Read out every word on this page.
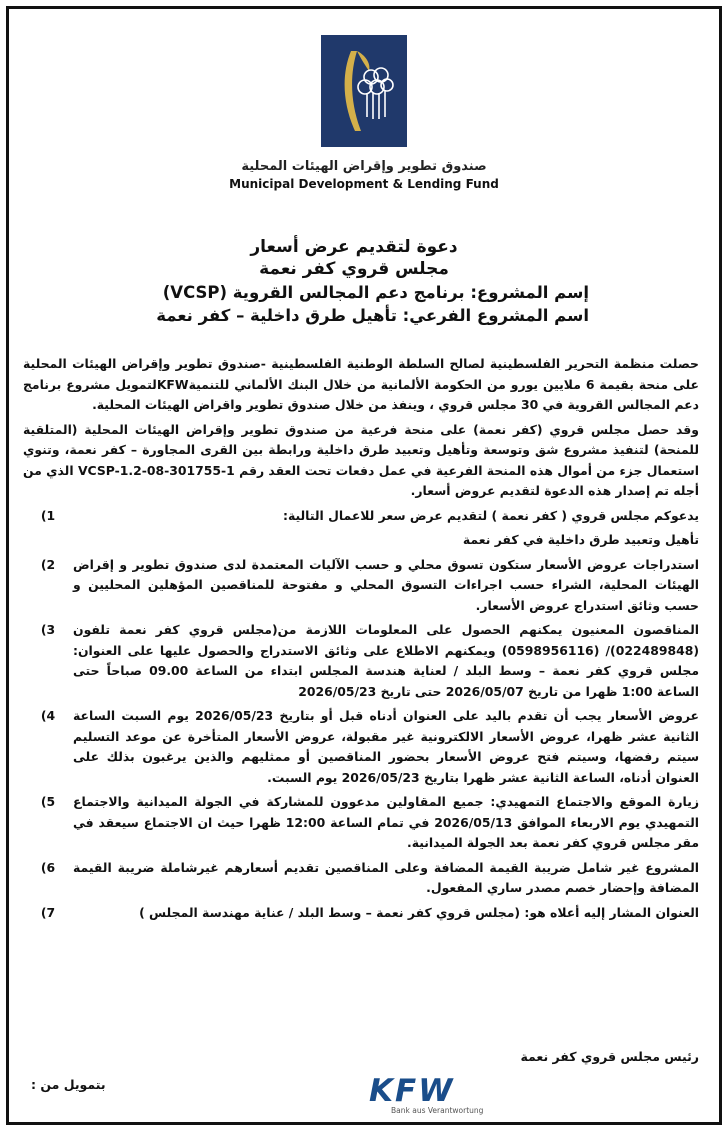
صندوق تطوير وإقراض الهيئات المحلية
Municipal Development & Lending Fund
دعوة لتقديم عرض أسعار
مجلس قروي كفر نعمة
إسم المشروع: برنامج دعم المجالس القروية (VCSP)
اسم المشروع الفرعي: تأهيل طرق داخلية – كفر نعمة

حصلت منظمة التحرير الفلسطينية لصالح السلطة الوطنية الفلسطينية -صندوق تطوير وإقراض الهيئات المحلية على منحة بقيمة 6 ملايين يورو من الحكومة الألمانية من خلال البنك الألماني للتنميةKFWلتمويل مشروع برنامج دعم المجالس القروية في 30 مجلس قروي ، وينفذ من خلال صندوق تطوير واقراض الهيئات المحلية.

وقد حصل مجلس قروي (كفر نعمة) على منحة فرعية من صندوق تطوير وإقراض الهيئات المحلية (المتلقية للمنحة) لتنفيذ مشروع شق وتوسعة وتأهيل وتعبيد طرق داخلية ورابطة بين القرى المجاورة – كفر نعمة، وتنوي استعمال جزء من أموال هذه المنحة الفرعية في عمل دفعات تحت العقد رقم VCSP-1.2-08-301755-1 الذي من أجله تم إصدار هذه الدعوة لتقديم عروض أسعار.

1)	يدعوكم مجلس قروي ( كفر نعمة ) لتقديم عرض سعر للاعمال التالية:
تأهيل وتعبيد طرق داخلية في كفر نعمة
2)	استدراجات عروض الأسعار ستكون تسوق محلي و حسب الآليات المعتمدة لدى صندوق تطوير و إقراض الهيئات المحلية، الشراء حسب اجراءات التسوق المحلي و مفتوحة للمناقصين المؤهلين المحليين و حسب وثائق استدراج عروض الأسعار.
3)	المناقصون المعنيون يمكنهم الحصول على المعلومات اللازمة من(مجلس قروي كفر نعمة تلفون (022489848)/ (0598956116) ويمكنهم الاطلاع على وثائق الاستدراج والحصول عليها على العنوان: مجلس قروي كفر نعمة – وسط البلد / لعناية هندسة المجلس ابتداء من الساعة 09.00 صباحاً حتى الساعة 1:00 ظهرا من تاريخ 2026/05/07 حتى تاريخ 2026/05/23
4)	عروض الأسعار يجب أن تقدم باليد على العنوان أدناه قبل أو بتاريخ 2026/05/23 يوم السبت الساعة الثانية عشر ظهرا، عروض الأسعار الالكترونية غير مقبولة، عروض الأسعار المتأخرة عن موعد التسليم سيتم رفضها، وسيتم فتح عروض الأسعار بحضور المناقصين أو ممثليهم والذين يرغبون بذلك على العنوان أدناه، الساعة الثانية عشر ظهرا بتاريخ 2026/05/23 يوم السبت.
5)	زيارة الموقع والاجتماع التمهيدي: جميع المقاولين مدعوون للمشاركة في الجولة الميدانية والاجتماع التمهيدي يوم الاربعاء الموافق 2026/05/13 في تمام الساعة 12:00 ظهرا حيث ان الاجتماع سيعقد في مقر مجلس قروي كفر نعمة بعد الجولة الميدانية.
6)	المشروع غير شامل ضريبة القيمة المضافة وعلى المناقصين تقديم أسعارهم غيرشاملة ضريبة القيمة المضافة وإحضار خصم مصدر ساري المفعول.
7)	العنوان المشار إليه أعلاه هو: (مجلس قروي كفر نعمة – وسط البلد / عناية مهندسة المجلس )
رئيس مجلس قروي كفر نعمة
بتمويل من :	KFW
Bank aus Verantwortung
